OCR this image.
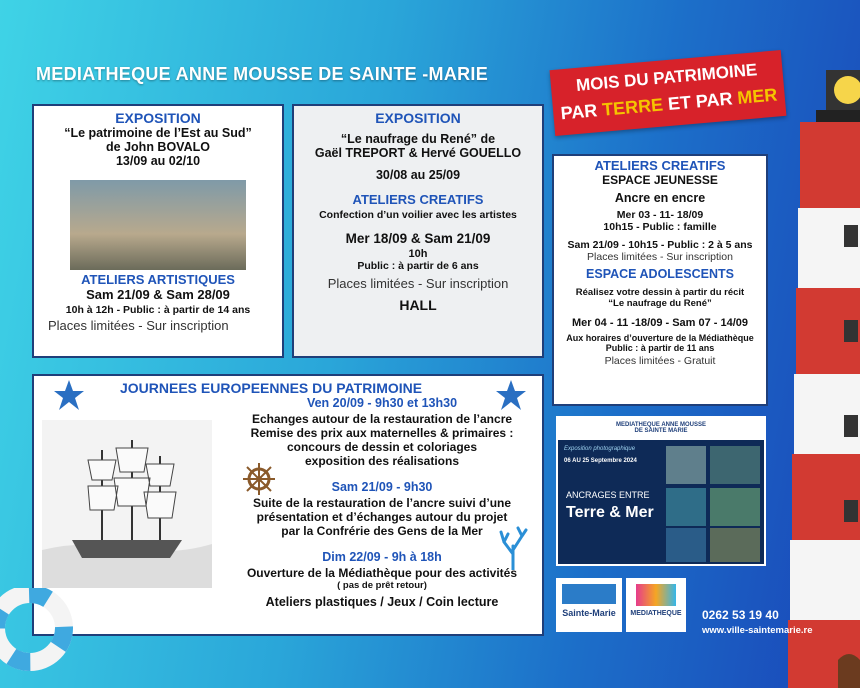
MEDIATHEQUE ANNE MOUSSE DE SAINTE -MARIE	MOIS DU PATRIMOINE
PAR TERRE ET PAR MER
EXPOSITION
“Le patrimoine de l’Est au Sud”
de John BOVALO
13/09 au 02/10
ATELIERS ARTISTIQUES
Sam 21/09 & Sam 28/09
10h à 12h - Public : à partir de 14 ans
Places limitées - Sur inscription
EXPOSITION
“Le naufrage du René” de
Gaël TREPORT & Hervé GOUELLO
30/08 au 25/09
ATELIERS CREATIFS
Confection d’un voilier avec les artistes
Mer 18/09 & Sam 21/09
10h
Public : à partir de 6 ans
Places limitées - Sur inscription
HALL
ATELIERS CREATIFS
ESPACE JEUNESSE
Ancre en encre
Mer 03 - 11- 18/09
10h15 - Public : famille
Sam 21/09 - 10h15 - Public : 2 à 5 ans
Places limitées - Sur inscription
ESPACE ADOLESCENTS
Réalisez votre dessin à partir du récit
“Le naufrage du René”
Mer 04 - 11 -18/09 - Sam 07 - 14/09
Aux horaires d’ouverture de la Médiathèque
Public : à partir de 11 ans
Places limitées - Gratuit
JOURNEES EUROPEENNES DU PATRIMOINE
Ven 20/09 - 9h30 et 13h30
Echanges autour de la restauration de l’ancre
Remise des prix aux maternelles & primaires :
concours de dessin et coloriages
exposition des réalisations
Sam 21/09 - 9h30
Suite de la restauration de l’ancre suivi d’une
présentation et d’échanges autour du projet
par la Confrérie des Gens de la Mer
Dim 22/09 - 9h à 18h
Ouverture de la Médiathèque pour des activités
( pas de prêt retour)
Ateliers plastiques / Jeux / Coin lecture
MEDIATHEQUE ANNE MOUSSE
DE SAINTE MARIE
Exposition photographique
06 AU 25 Septembre 2024
ANCRAGES ENTRE
Terre & Mer
Sainte-Marie	MEDIATHEQUE	0262 53 19 40
www.ville-saintemarie.re
